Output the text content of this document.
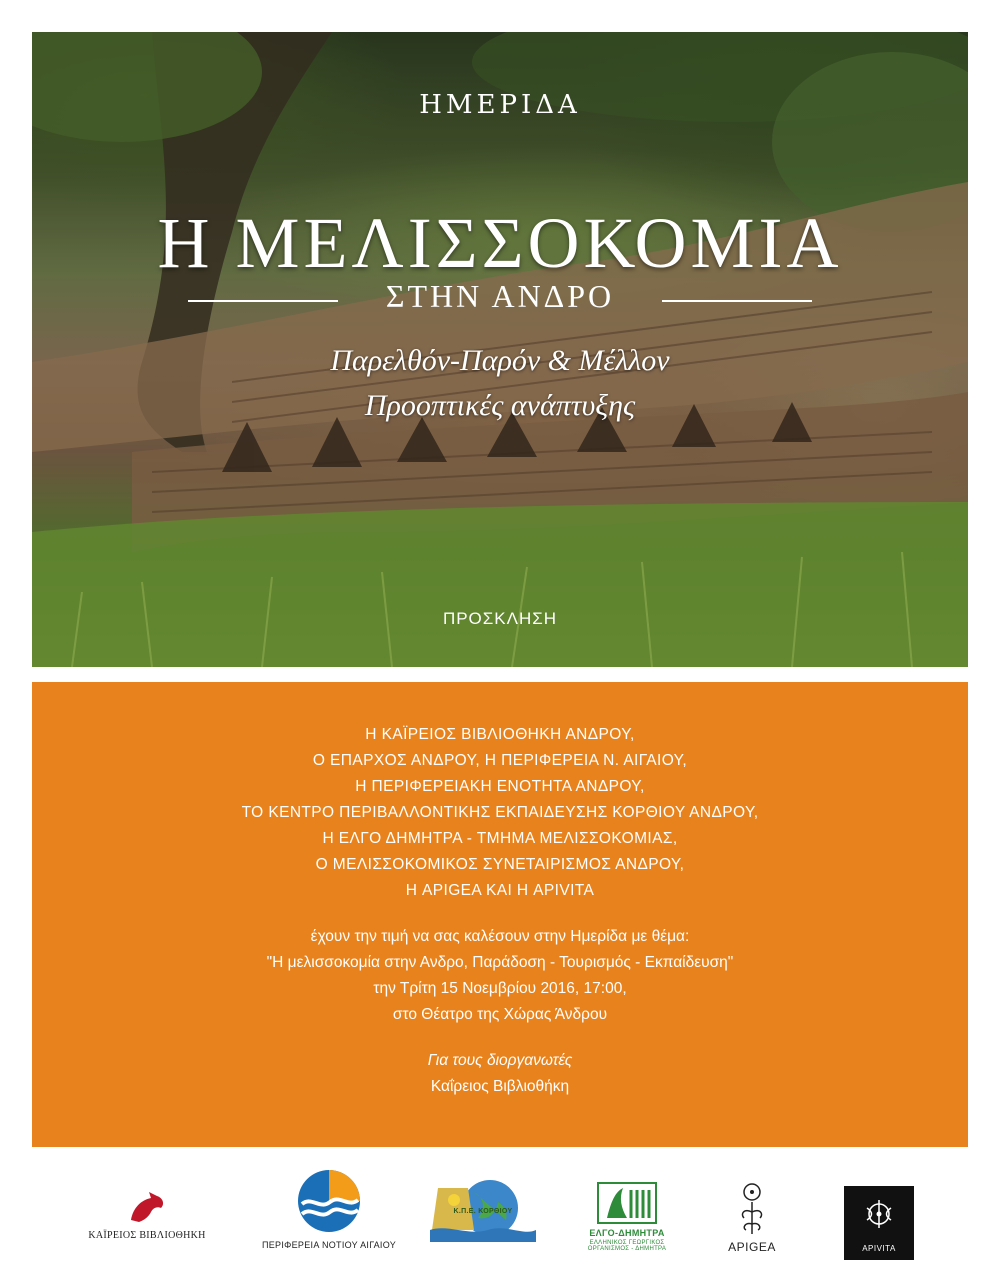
ΗΜΕΡΙΔΑ
Η ΜΕΛΙΣΣΟΚΟΜΙΑ
ΣΤΗΝ ΑΝΔΡΟ
Παρελθόν-Παρόν & Μέλλον
Προοπτικές ανάπτυξης
ΠΡΟΣΚΛΗΣΗ
Η ΚΑΪΡΕΙΟΣ ΒΙΒΛΙΟΘΗΚΗ ΑΝΔΡΟΥ,
Ο ΕΠΑΡΧΟΣ ΑΝΔΡΟΥ, Η ΠΕΡΙΦΕΡΕΙΑ Ν. ΑΙΓΑΙΟΥ,
Η ΠΕΡΙΦΕΡΕΙΑΚΗ ΕΝΟΤΗΤΑ ΑΝΔΡΟΥ,
ΤΟ ΚΕΝΤΡΟ ΠΕΡΙΒΑΛΛΟΝΤΙΚΗΣ ΕΚΠΑΙΔΕΥΣΗΣ ΚΟΡΘΙΟΥ ΑΝΔΡΟΥ,
Η ΕΛΓΟ ΔΗΜΗΤΡΑ - ΤΜΗΜΑ ΜΕΛΙΣΣΟΚΟΜΙΑΣ,
Ο ΜΕΛΙΣΣΟΚΟΜΙΚΟΣ ΣΥΝΕΤΑΙΡΙΣΜΟΣ ΑΝΔΡΟΥ,
Η APIGEA ΚΑΙ Η APIVITA
έχουν την τιμή να σας καλέσουν στην Ημερίδα με θέμα:
"Η μελισσοκομία στην Ανδρο, Παράδοση - Τουρισμός - Εκπαίδευση"
την Τρίτη 15 Νοεμβρίου 2016, 17:00,
στο Θέατρο της Χώρας Άνδρου
Για τους διοργανωτές
Καΐρειος Βιβλιοθήκη
ΚΑΪΡΕΙΟΣ ΒΙΒΛΙΟΘΗΚΗ
ΠΕΡΙΦΕΡΕΙΑ ΝΟΤΙΟΥ ΑΙΓΑΙΟΥ
Κ.Π.Ε. ΚΟΡΘΙΟΥ
ΕΛΓΟ-ΔΗΜΗΤΡΑ
ΕΛΛΗΝΙΚΟΣ ΓΕΩΡΓΙΚΟΣ ΟΡΓΑΝΙΣΜΟΣ - ΔΗΜΗΤΡΑ	APIGEA	APIVITA
